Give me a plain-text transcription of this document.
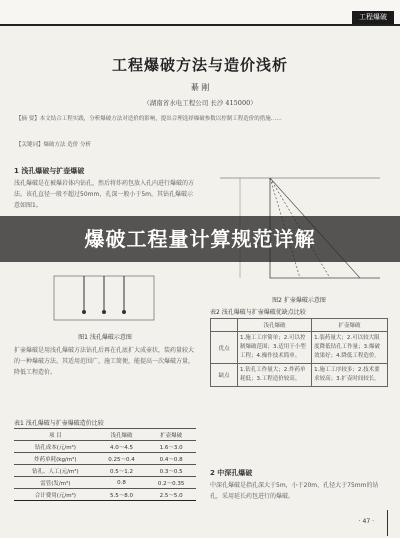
工程爆破
工程爆破方法与造价浅析
綦 刚
（湖南省水电工程公司 长沙 415000）
【摘 要】本文结合工程实践，分析爆破方法对造价的影响，提出合理选择爆破参数以控制工程造价的措施……
【关键词】爆破方法 造价 分析
1 浅孔爆破与扩壶爆破
浅孔爆破是在被爆岩体内钻孔，然后将炸药包放入孔内进行爆破的方法。该孔直径一般不超过50mm，孔深一般小于5m，其钻孔爆破示意如图1。
爆破工程量计算规范详解
图1 浅孔爆破示意图
图2 扩壶爆破示意图
扩壶爆破是用浅孔爆破方法钻孔后再在孔底扩大成壶状，装药量较大的一种爆破方法。其适用范围广，施工简便，能提高一次爆破方量，降低工程造价。
表1 浅孔爆破与扩壶爆破造价比较
项 目	浅孔爆破	扩壶爆破
钻孔成本(元/m³)	4.0～4.5	1.6～3.0
炸药单耗(kg/m³)	0.25～0.4	0.4～0.8
钻孔、人工(元/m³)	0.5～1.2	0.3～0.5
雷管(发/m³)	0.8	0.2～0.35
合计费用(元/m³)	5.5～8.0	2.5～5.0
表2 浅孔爆破与扩壶爆破优缺点比较
	浅孔爆破	扩壶爆破
优点	1.施工工序简单；2.可以控制爆破范围；3.适用于小型工程；4.操作技术简单。	1.装药量大；2.可以较大限度降低钻孔工作量；3.爆破效果好；4.降低工程造价。
缺点	1.钻孔工作量大；2.炸药单耗低；3.工程造价较高。	1.施工工序较多；2.技术要求较高；3.扩壶时间较长。
2 中深孔爆破
中深孔爆破是指孔深大于5m，小于20m，孔径大于75mm的钻孔，采用延长药包进行的爆破。
· 47 ·
